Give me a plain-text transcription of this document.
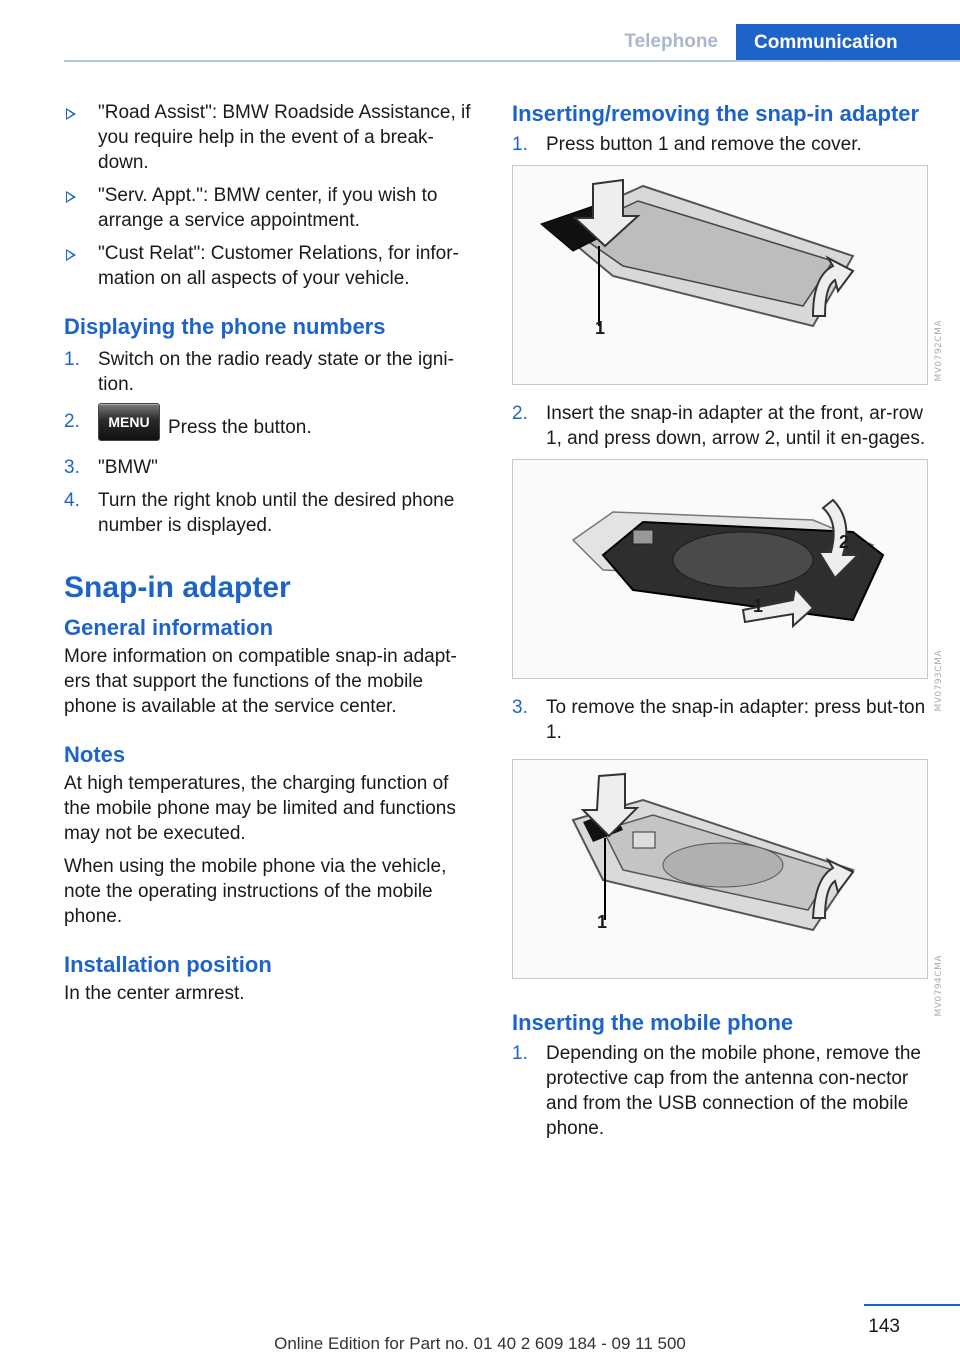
Telephone	Communication
"Road Assist": BMW Roadside Assistance, if you require help in the event of a break-down.
"Serv. Appt.": BMW center, if you wish to arrange a service appointment.
"Cust Relat": Customer Relations, for infor-mation on all aspects of your vehicle.
Displaying the phone numbers
1. Switch on the radio ready state or the igni-tion.
2. MENU Press the button.
3. "BMW"
4. Turn the right knob until the desired phone number is displayed.
Snap-in adapter
General information
More information on compatible snap-in adapt-ers that support the functions of the mobile phone is available at the service center.
Notes
At high temperatures, the charging function of the mobile phone may be limited and functions may not be executed.
When using the mobile phone via the vehicle, note the operating instructions of the mobile phone.
Installation position
In the center armrest.
Inserting/removing the snap-in adapter
1. Press button 1 and remove the cover.
1
2. Insert the snap-in adapter at the front, ar-row 1, and press down, arrow 2, until it en-gages.
2
1
3. To remove the snap-in adapter: press but-ton 1.
1
Inserting the mobile phone
1. Depending on the mobile phone, remove the protective cap from the antenna con-nector and from the USB connection of the mobile phone.
MV0792CMA
MV0793CMA
MV0794CMA
143
Online Edition for Part no. 01 40 2 609 184 - 09 11 500
